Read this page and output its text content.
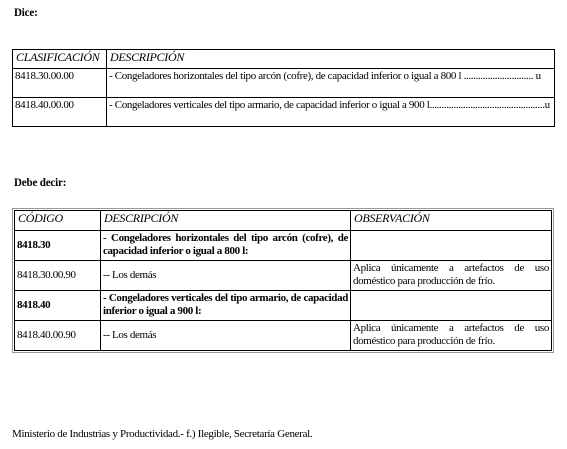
Dice:
CLASIFICACIÓN	DESCRIPCIÓN
8418.30.00.00	- Congeladores horizontales del tipo arcón (cofre), de capacidad inferior o igual a 800 l ............................. u
8418.40.00.00	- Congeladores verticales del tipo armario, de capacidad inferior o igual a 900 l................................................u
Debe decir:
CÓDIGO	DESCRIPCIÓN	OBSERVACIÓN
8418.30	- Congeladores horizontales del tipo arcón (cofre), de capacidad inferior o igual a 800 l:	
8418.30.00.90	-- Los demás	Aplica únicamente a artefactos de uso doméstico para producción de frío.
8418.40	- Congeladores verticales del tipo armario, de capacidad inferior o igual a 900 l:	
8418.40.00.90	-- Los demás	Aplica únicamente a artefactos de uso doméstico para producción de frío.
Ministerio de Industrias y Productividad.- f.) Ilegible, Secretaría General.
